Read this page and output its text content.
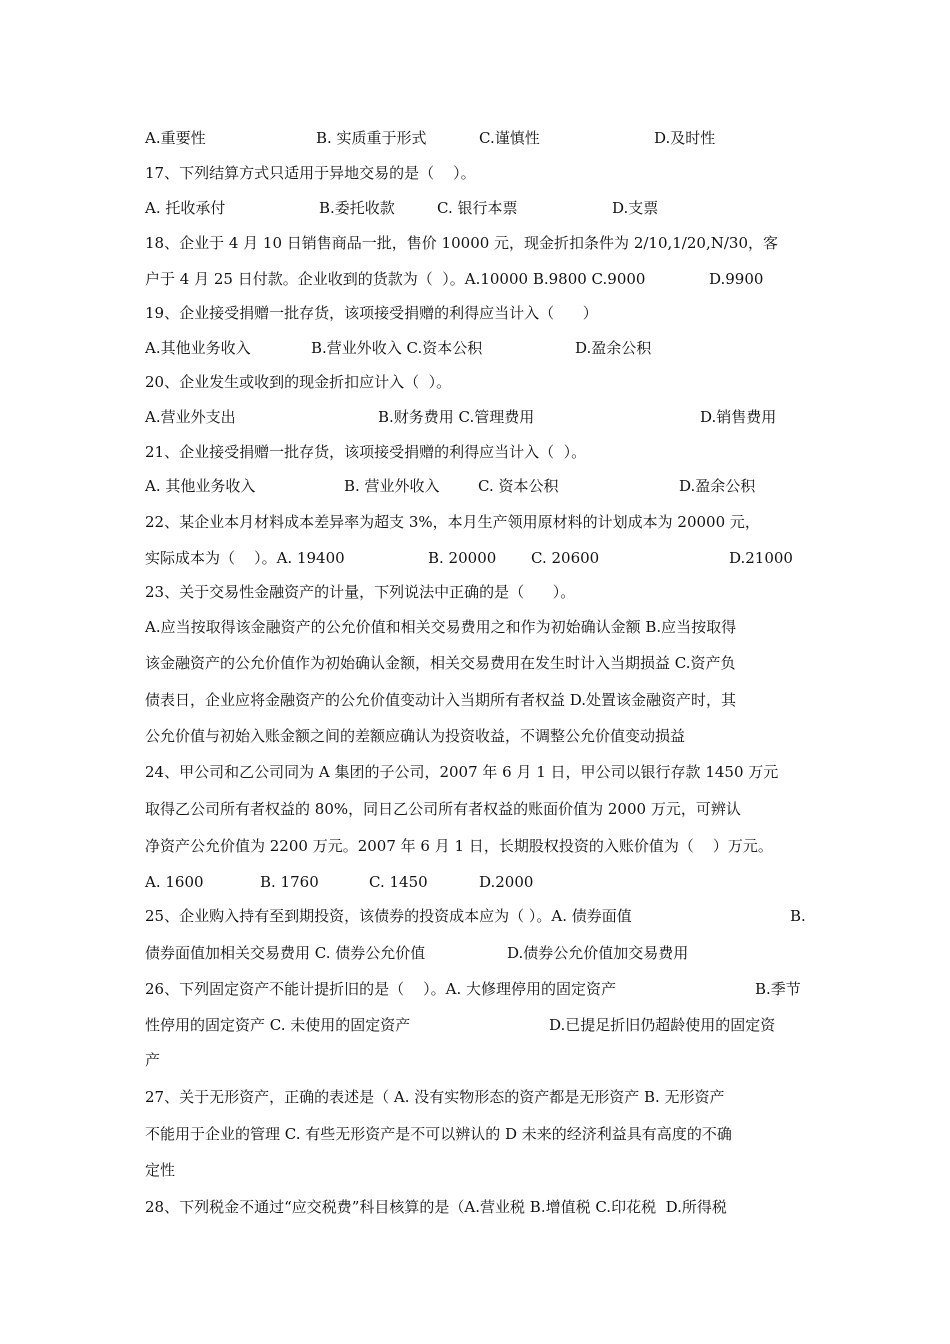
A.重要性

	B. 实质重于形式

	C.谨慎性

	D.及时性

17、下列结算方式只适用于异地交易的是（    ）。

A. 托收承付

	B.委托收款

	C. 银行本票

	D.支票

18、企业于 4 月 10 日销售商品一批，售价 10000 元，现金折扣条件为 2/10,1/20,N/30，客

户于 4 月 25 日付款。企业收到的货款为（  ）。A.10000 B.9800 C.9000

	D.9900

19、企业接受捐赠一批存货，该项接受捐赠的利得应当计入（      ）

A.其他业务收入

	B.营业外收入 C.资本公积

	D.盈余公积

20、企业发生或收到的现金折扣应计入（  ）。

A.营业外支出

	B.财务费用 C.管理费用

	D.销售费用

21、企业接受捐赠一批存货，该项接受捐赠的利得应当计入（  ）。

A. 其他业务收入

	B. 营业外收入

	C. 资本公积

	D.盈余公积

22、某企业本月材料成本差异率为超支 3%，本月生产领用原材料的计划成本为 20000 元，

实际成本为（    ）。A. 19400

	B. 20000

C. 20600

	D.21000

23、关于交易性金融资产的计量，下列说法中正确的是（      ）。
A.应当按取得该金融资产的公允价值和相关交易费用之和作为初始确认金额 B.应当按取得
该金融资产的公允价值作为初始确认金额，相关交易费用在发生时计入当期损益 C.资产负
债表日，企业应将金融资产的公允价值变动计入当期所有者权益 D.处置该金融资产时，其
公允价值与初始入账金额之间的差额应确认为投资收益，不调整公允价值变动损益
24、甲公司和乙公司同为 A 集团的子公司，2007 年 6 月 1 日，甲公司以银行存款 1450 万元
取得乙公司所有者权益的 80%，同日乙公司所有者权益的账面价值为 2000 万元，可辨认
净资产公允价值为 2200 万元。2007 年 6 月 1 日，长期股权投资的入账价值为（    ）万元。

A. 1600

	B. 1760

	C. 1450

	D.2000

25、企业购入持有至到期投资，该债券的投资成本应为（ ）。A. 债券面值

	B.

债券面值加相关交易费用 C. 债券公允价值

	D.债券公允价值加交易费用

26、下列固定资产不能计提折旧的是（    ）。A. 大修理停用的固定资产

	B.季节

性停用的固定资产 C. 未使用的固定资产

	D.已提足折旧仍超龄使用的固定资

产
27、关于无形资产，正确的表述是（ A. 没有实物形态的资产都是无形资产 B. 无形资产
不能用于企业的管理 C. 有些无形资产是不可以辨认的 D 未来的经济利益具有高度的不确
定性
28、下列税金不通过“应交税费”科目核算的是（A.营业税 B.增值税 C.印花税  D.所得税
